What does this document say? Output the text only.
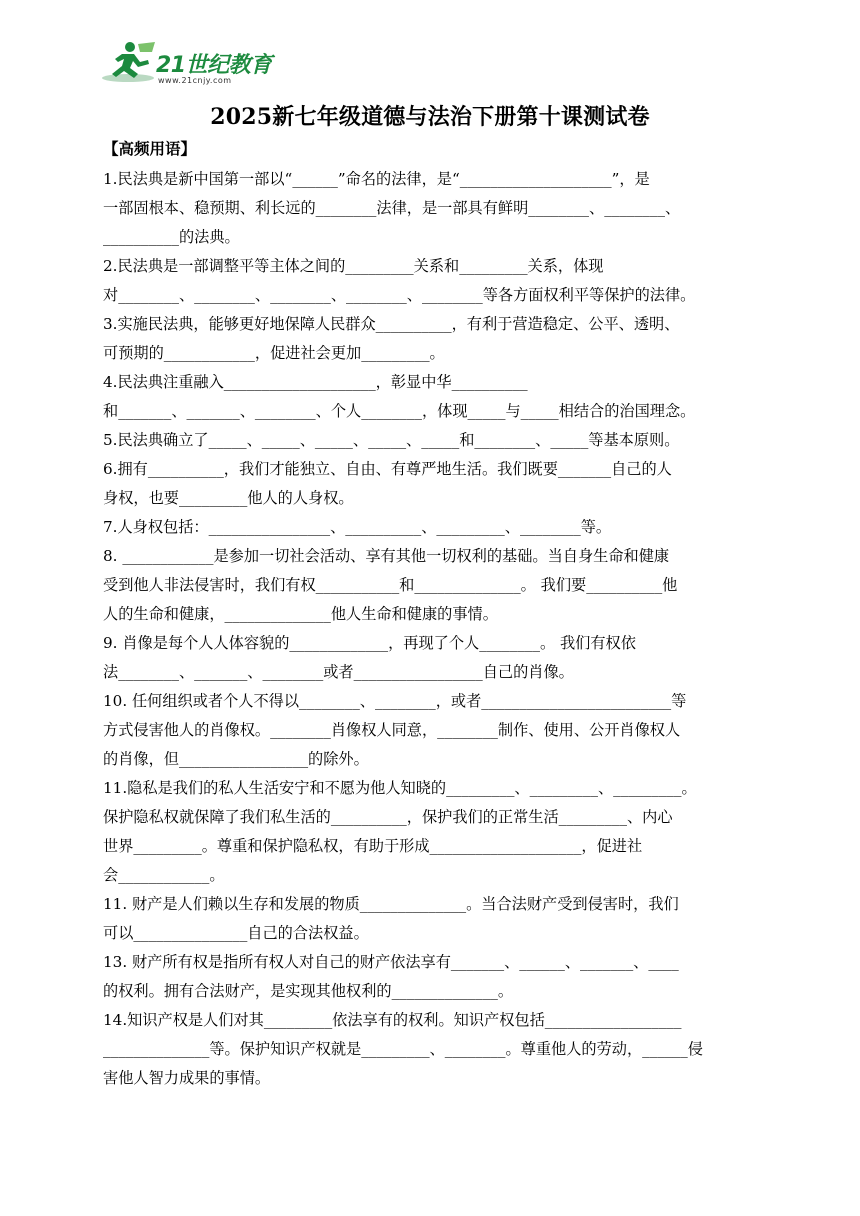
21世纪教育
www.21cnjy.com
2025新七年级道德与法治下册第十课测试卷
【高频用语】

1.民法典是新中国第一部以“______”命名的法律，是“____________________”，是

一部固根本、稳预期、利长远的________法律，是一部具有鲜明________、________、

__________的法典。

2.民法典是一部调整平等主体之间的_________关系和_________关系，体现

对________、________、________、________、________等各方面权利平等保护的法律。

3.实施民法典，能够更好地保障人民群众__________，有利于营造稳定、公平、透明、

可预期的____________，促进社会更加_________。

4.民法典注重融入____________________，彰显中华__________

和_______、_______、________、个人________，体现_____与_____相结合的治国理念。

5.民法典确立了_____、_____、_____、_____、_____和________、_____等基本原则。

6.拥有__________，我们才能独立、自由、有尊严地生活。我们既要_______自己的人

身权，也要_________他人的人身权。

7.人身权包括：________________、__________、_________、________等。

8. ____________是参加一切社会活动、享有其他一切权利的基础。当自身生命和健康

受到他人非法侵害时，我们有权___________和______________。 我们要__________他

人的生命和健康，______________他人生命和健康的事情。

9. 肖像是每个人人体容貌的_____________，再现了个人________。 我们有权依

法________、_______、________或者_________________自己的肖像。

10. 任何组织或者个人不得以________、________，或者_________________________等

方式侵害他人的肖像权。________肖像权人同意，________制作、使用、公开肖像权人

的肖像，但_________________的除外。

11.隐私是我们的私人生活安宁和不愿为他人知晓的_________、_________、_________。

保护隐私权就保障了我们私生活的__________，保护我们的正常生活_________、内心

世界_________。尊重和保护隐私权，有助于形成____________________，促进社

会____________。

11. 财产是人们赖以生存和发展的物质______________。当合法财产受到侵害时，我们

可以_______________自己的合法权益。

13. 财产所有权是指所有权人对自己的财产依法享有_______、______、_______、____

的权利。拥有合法财产，是实现其他权利的______________。

14.知识产权是人们对其_________依法享有的权利。知识产权包括__________________

______________等。保护知识产权就是_________、________。尊重他人的劳动，______侵

害他人智力成果的事情。
